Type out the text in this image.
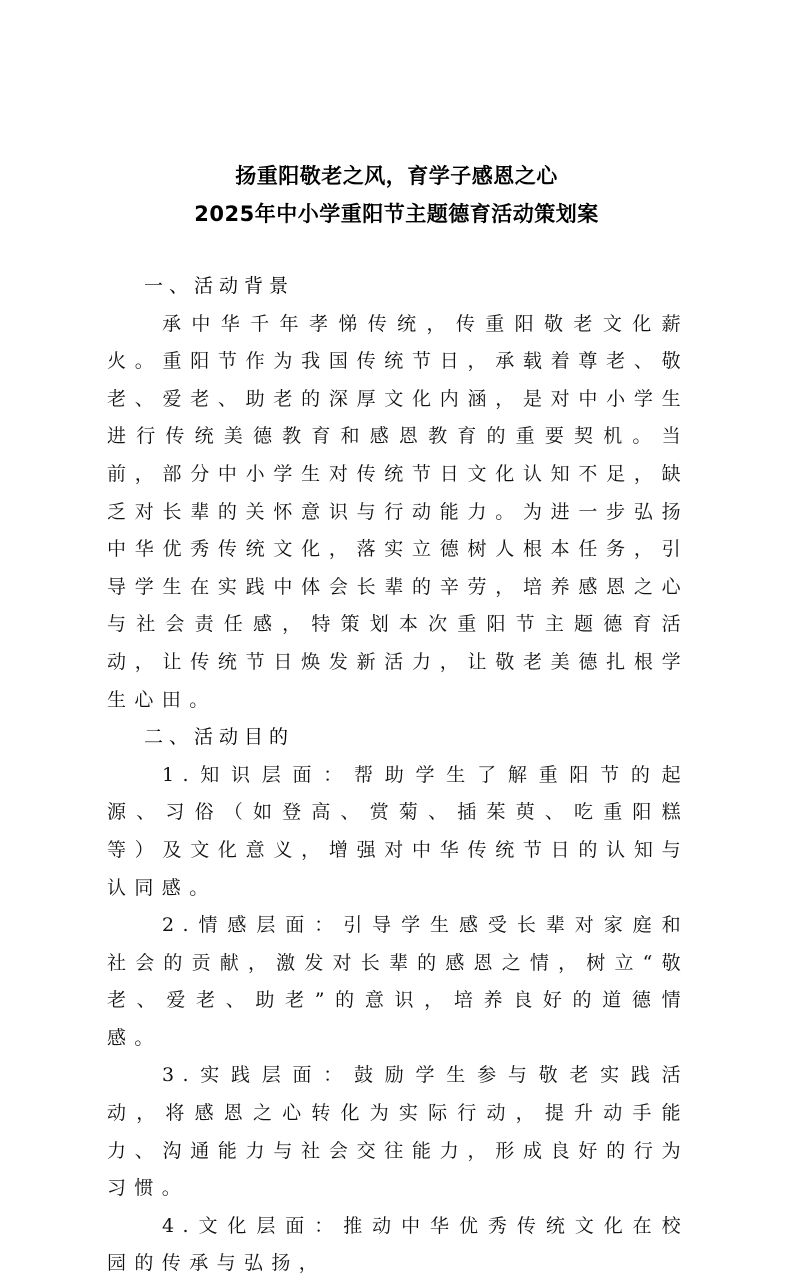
扬重阳敬老之风，育学子感恩之心

2025年中小学重阳节主题德育活动策划案

一、活动背景

承中华千年孝悌传统，传重阳敬老文化薪火。重阳节作为我国传统节日，承载着尊老、敬老、爱老、助老的深厚文化内涵，是对中小学生进行传统美德教育和感恩教育的重要契机。当前，部分中小学生对传统节日文化认知不足，缺乏对长辈的关怀意识与行动能力。为进一步弘扬中华优秀传统文化，落实立德树人根本任务，引导学生在实践中体会长辈的辛劳，培养感恩之心与社会责任感，特策划本次重阳节主题德育活动，让传统节日焕发新活力，让敬老美德扎根学生心田。

二、活动目的

1.知识层面：帮助学生了解重阳节的起源、习俗（如登高、赏菊、插茱萸、吃重阳糕等）及文化意义，增强对中华传统节日的认知与认同感。

2.情感层面：引导学生感受长辈对家庭和社会的贡献，激发对长辈的感恩之情，树立“敬老、爱老、助老”的意识，培养良好的道德情感。

3.实践层面：鼓励学生参与敬老实践活动，将感恩之心转化为实际行动，提升动手能力、沟通能力与社会交往能力，形成良好的行为习惯。

4.文化层面：推动中华优秀传统文化在校园的传承与弘扬，
